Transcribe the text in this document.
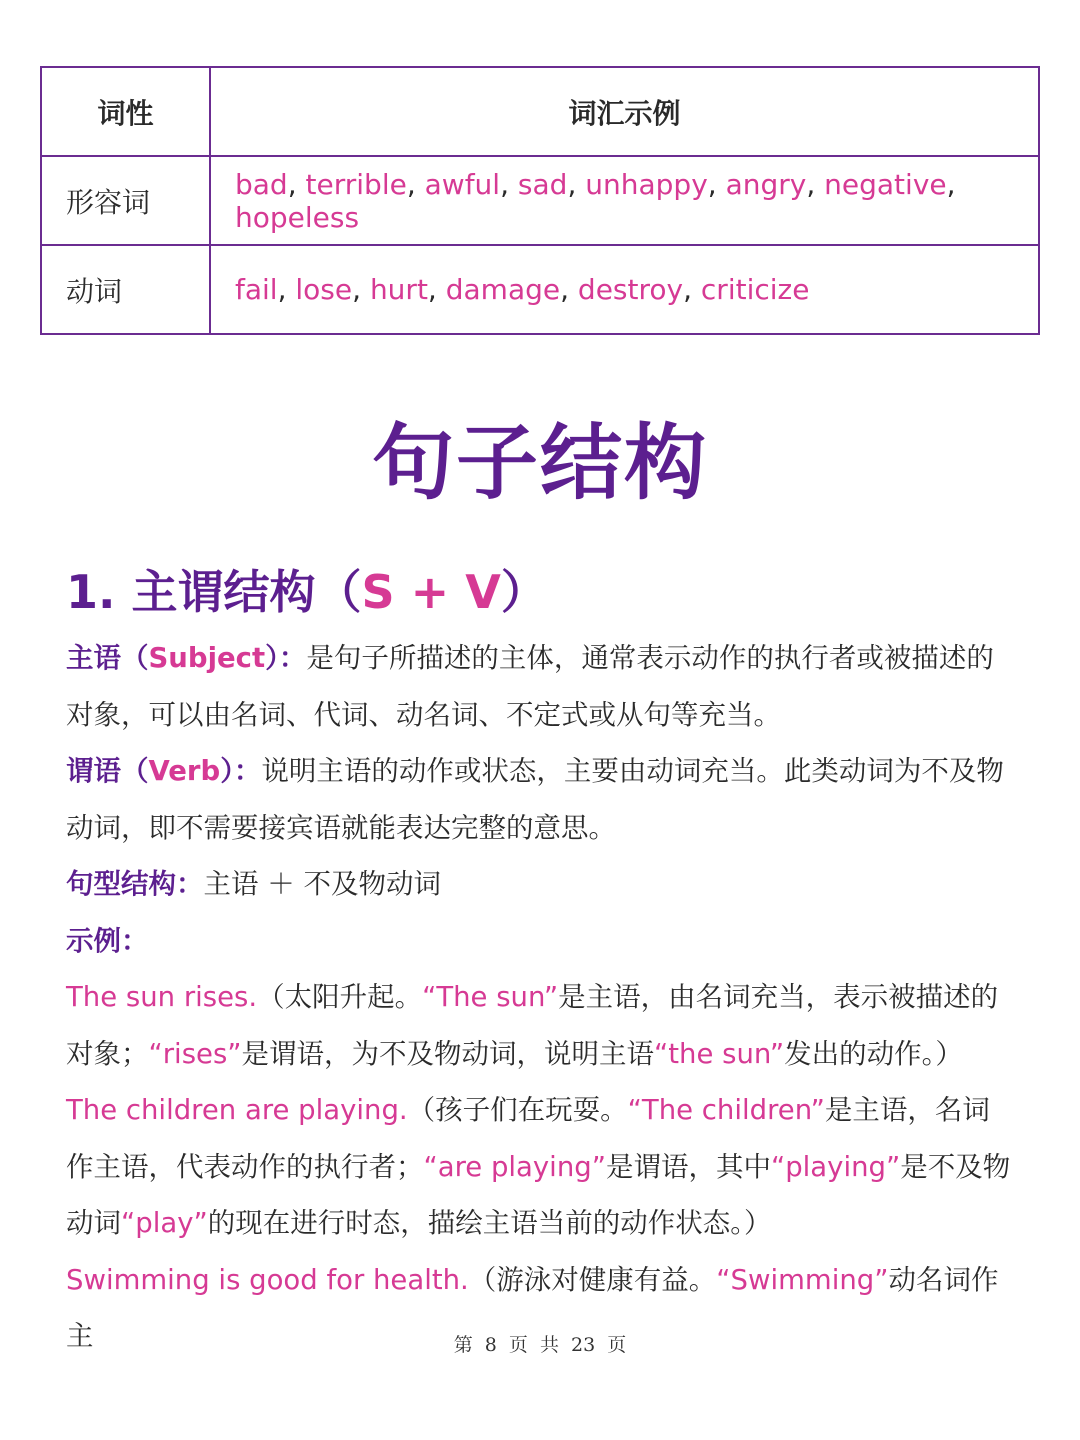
词性	词汇示例
形容词	bad, terrible, awful, sad, unhappy, angry, negative, hopeless
动词	fail, lose, hurt, damage, destroy, criticize
句子结构
1. 主谓结构（S + V）

主语（Subject）：是句子所描述的主体，通常表示动作的执行者或被描述的对象，可以由名词、代词、动名词、不定式或从句等充当。

谓语（Verb）：说明主语的动作或状态，主要由动词充当。此类动词为不及物动词，即不需要接宾语就能表达完整的意思。

句型结构：主语 ＋ 不及物动词

示例：

The sun rises.（太阳升起。“The sun”是主语，由名词充当，表示被描述的对象；“rises”是谓语，为不及物动词，说明主语“the sun”发出的动作。）

The children are playing.（孩子们在玩耍。“The children”是主语，名词作主语，代表动作的执行者；“are playing”是谓语，其中“playing”是不及物动词“play”的现在进行时态，描绘主语当前的动作状态。）

Swimming is good for health.（游泳对健康有益。“Swimming”动名词作主	第 8 页 共 23 页
